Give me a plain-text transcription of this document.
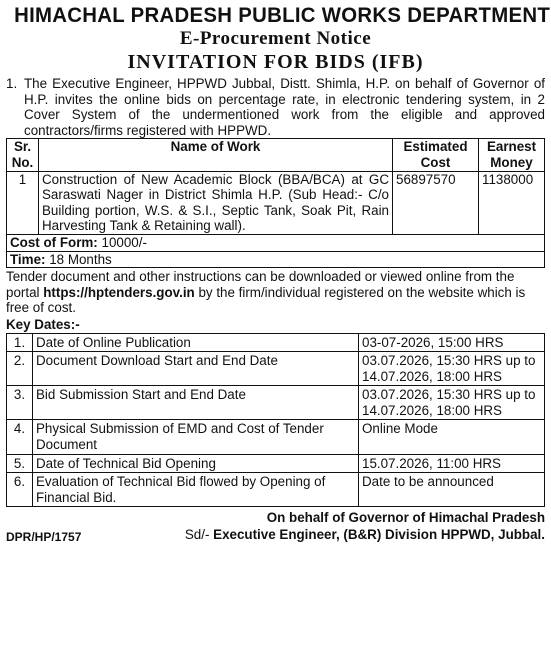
HIMACHAL PRADESH PUBLIC WORKS DEPARTMENT
E-Procurement Notice
INVITATION FOR BIDS (IFB)
1. The Executive Engineer, HPPWD Jubbal, Distt. Shimla, H.P. on behalf of Governor of H.P. invites the online bids on percentage rate, in electronic tendering system, in 2 Cover System of the undermentioned work from the eligible and approved contractors/firms registered with HPPWD.
Sr. No.	Name of Work	Estimated Cost	Earnest Money
1	Construction of New Academic Block (BBA/BCA) at GC Saraswati Nager in District Shimla H.P. (Sub Head:- C/o Building portion, W.S. & S.I., Septic Tank, Soak Pit, Rain Harvesting Tank & Retaining wall).	56897570	1138000
Cost of Form: 10000/-			
Time: 18 Months			

Tender document and other instructions can be downloaded or viewed online from the portal https://hptenders.gov.in by the firm/individual registered on the website which is free of cost.

Key Dates:-
1.	Date of Online Publication	03-07-2026, 15:00 HRS
2.	Document Download Start and End Date	03.07.2026, 15:30 HRS up to 14.07.2026, 18:00 HRS
3.	Bid Submission Start and End Date	03.07.2026, 15:30 HRS up to 14.07.2026, 18:00 HRS
4.	Physical Submission of EMD and Cost of Tender Document	Online Mode
5.	Date of Technical Bid Opening	15.07.2026, 11:00 HRS
6.	Evaluation of Technical Bid flowed by Opening of Financial Bid.	Date to be announced
On behalf of Governor of Himachal Pradesh
DPR/HP/1757	Sd/- Executive Engineer, (B&R) Division HPPWD, Jubbal.
